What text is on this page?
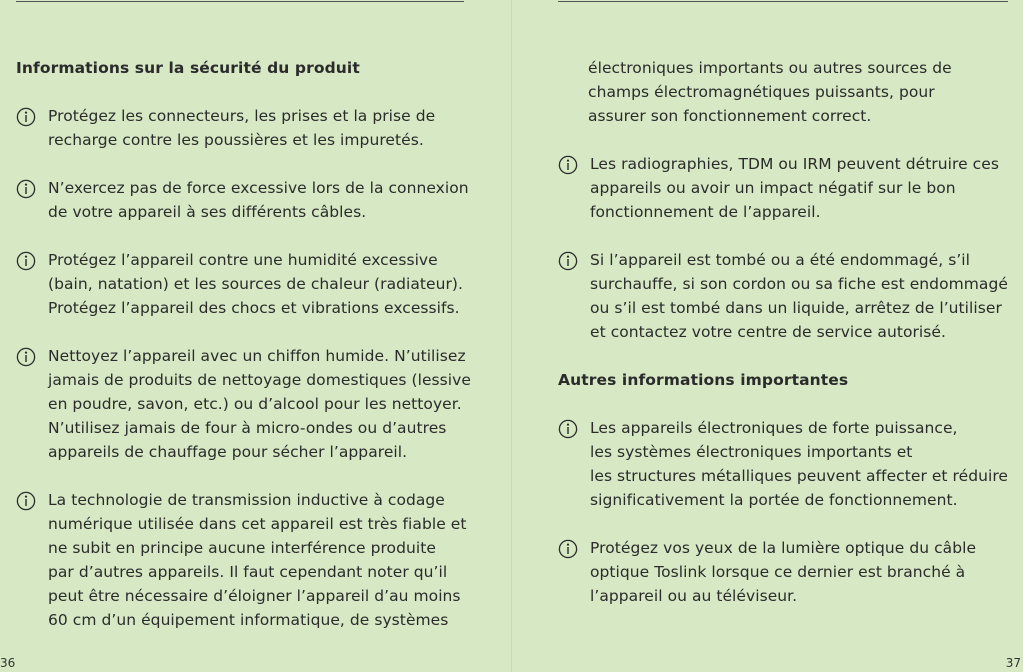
Informations sur la sécurité du produit
Protégez les connecteurs, les prises et la prise de
recharge contre les poussières et les impuretés.
N’exercez pas de force excessive lors de la connexion
de votre appareil à ses différents câbles.
Protégez l’appareil contre une humidité excessive
(bain, natation) et les sources de chaleur (radiateur).
Protégez l’appareil des chocs et vibrations excessifs.
Nettoyez l’appareil avec un chiffon humide. N’utilisez
jamais de produits de nettoyage domestiques (lessive
en poudre, savon, etc.) ou d’alcool pour les nettoyer.
N’utilisez jamais de four à micro-ondes ou d’autres
appareils de chauffage pour sécher l’appareil.
La technologie de transmission inductive à codage
numérique utilisée dans cet appareil est très fiable et
ne subit en principe aucune interférence produite
par d’autres appareils. Il faut cependant noter qu’il
peut être nécessaire d’éloigner l’appareil d’au moins
60 cm d’un équipement informatique, de systèmes
36
électroniques importants ou autres sources de
champs électromagnétiques puissants, pour
assurer son fonctionnement correct.
Les radiographies, TDM ou IRM peuvent détruire ces
appareils ou avoir un impact négatif sur le bon
fonctionnement de l’appareil.
Si l’appareil est tombé ou a été endommagé, s’il
surchauffe, si son cordon ou sa fiche est endommagé
ou s’il est tombé dans un liquide, arrêtez de l’utiliser
et contactez votre centre de service autorisé.
Autres informations importantes
Les appareils électroniques de forte puissance,
les systèmes électroniques importants et
les structures métalliques peuvent affecter et réduire
significativement la portée de fonctionnement.
Protégez vos yeux de la lumière optique du câble
optique Toslink lorsque ce dernier est branché à
l’appareil ou au téléviseur.
37
